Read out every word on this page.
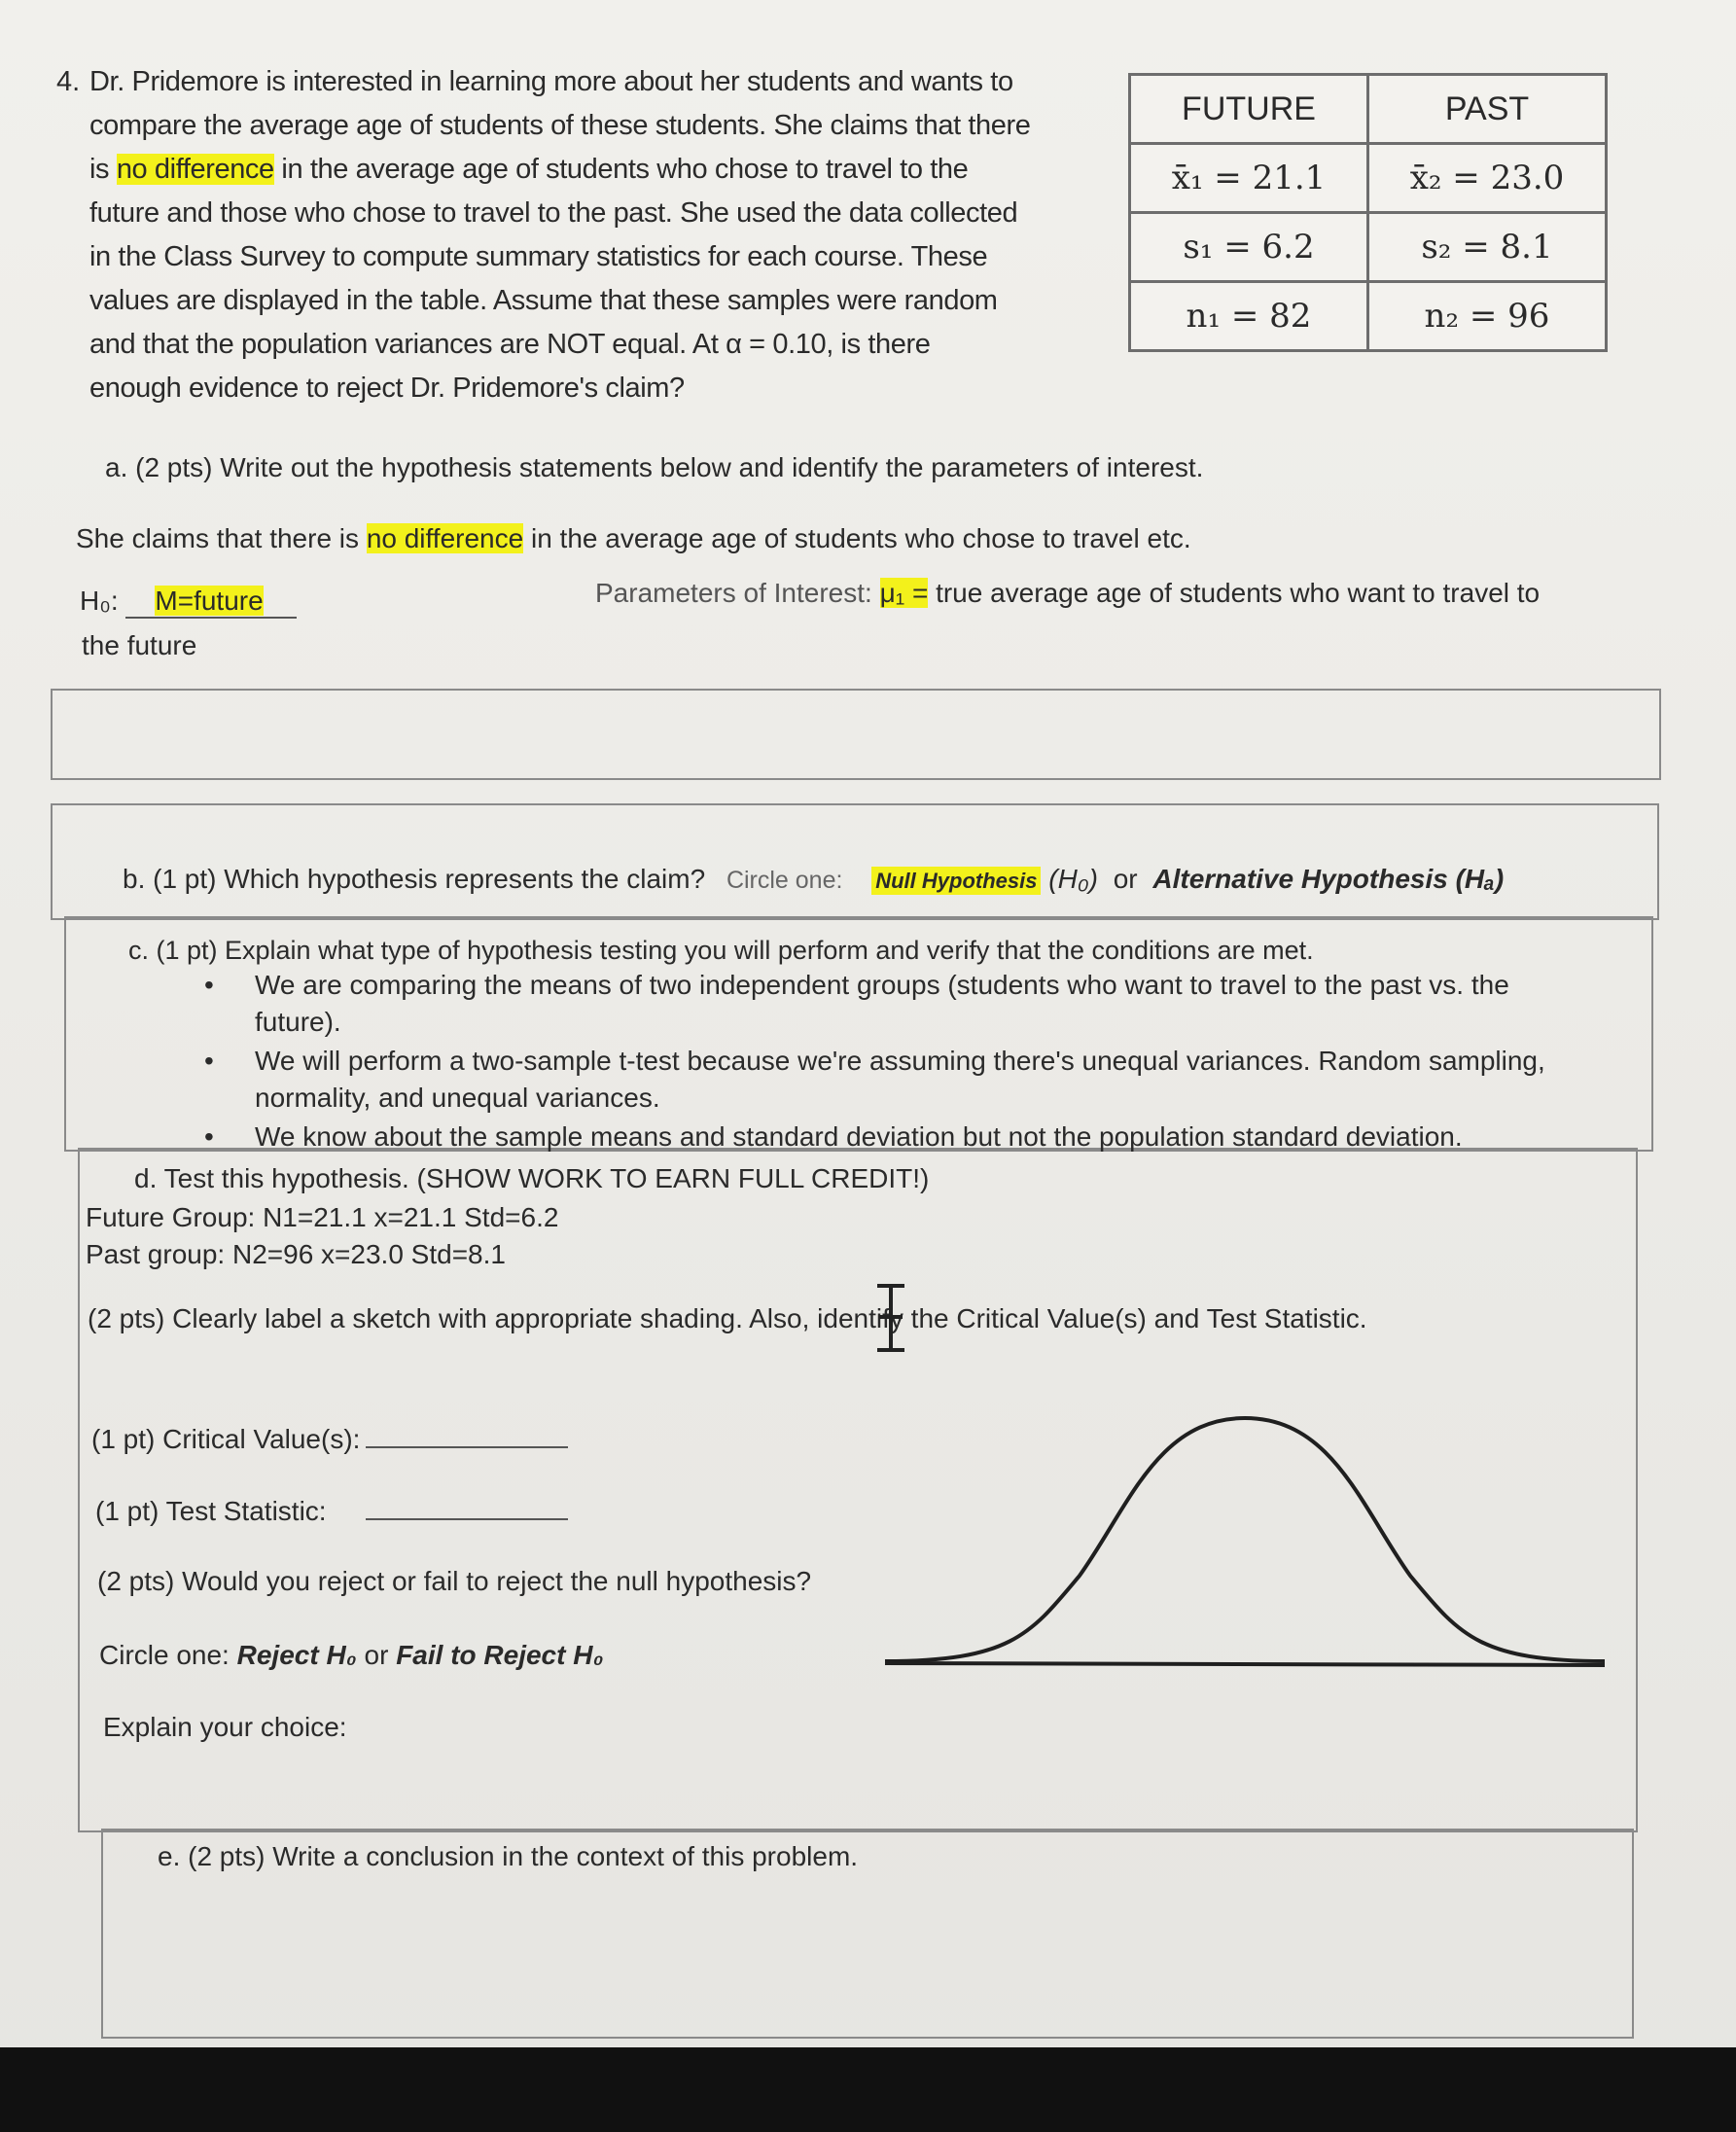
4. Dr. Pridemore is interested in learning more about her students and wants to
compare the average age of students of these students. She claims that there
is no difference in the average age of students who chose to travel to the
future and those who chose to travel to the past. She used the data collected
in the Class Survey to compute summary statistics for each course. These
values are displayed in the table. Assume that these samples were random
and that the population variances are NOT equal. At α = 0.10, is there
enough evidence to reject Dr. Pridemore's claim?
FUTURE	PAST
x̄₁ = 21.1	x̄₂ = 23.0
s₁ = 6.2	s₂ = 8.1
n₁ = 82	n₂ = 96
a. (2 pts) Write out the hypothesis statements below and identify the parameters of interest.
She claims that there is no difference in the average age of students who chose to travel etc.
H₀: M=future	Parameters of Interest: μ₁ = true average age of students who want to travel to
the future
b. (1 pt) Which hypothesis represents the claim? Circle one: Null Hypothesis (H₀) or Alternative Hypothesis (Hₐ)
c. (1 pt) Explain what type of hypothesis testing you will perform and verify that the conditions are met.
• We are comparing the means of two independent groups (students who want to travel to the past vs. the
future).
• We will perform a two-sample t-test because we're assuming there's unequal variances. Random sampling,
normality, and unequal variances.
• We know about the sample means and standard deviation but not the population standard deviation.
d. Test this hypothesis. (SHOW WORK TO EARN FULL CREDIT!)
Future Group: N1=21.1 x=21.1 Std=6.2
Past group: N2=96 x=23.0 Std=8.1
(2 pts) Clearly label a sketch with appropriate shading. Also, identify the Critical Value(s) and Test Statistic.
(1 pt) Critical Value(s):
(1 pt) Test Statistic:
(2 pts) Would you reject or fail to reject the null hypothesis?
Circle one: Reject H₀ or Fail to Reject H₀
Explain your choice:
e. (2 pts) Write a conclusion in the context of this problem.
